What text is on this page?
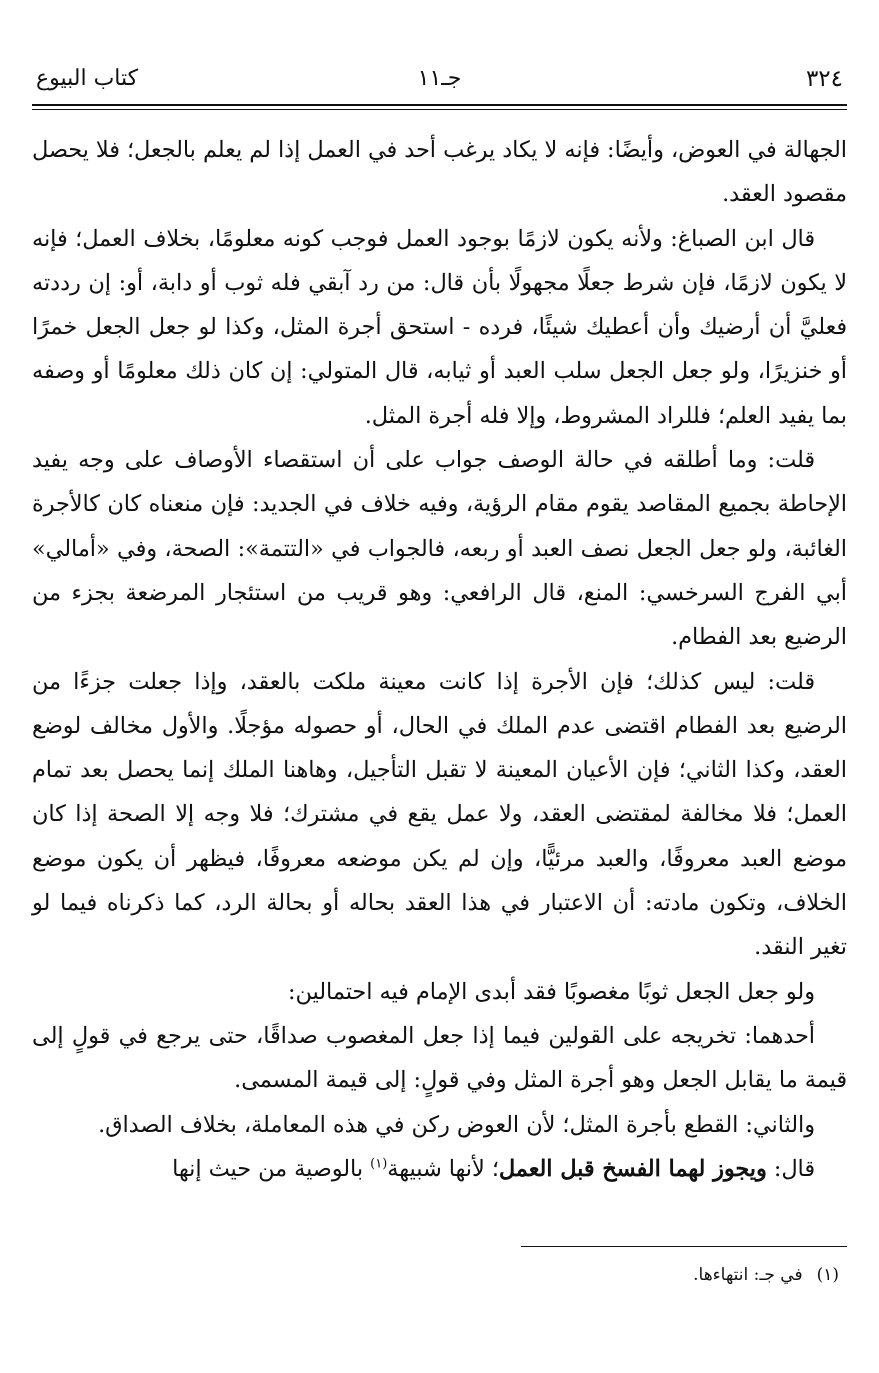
٣٢٤
جـ١١
كتاب البيوع

الجهالة في العوض، وأيضًا: فإنه لا يكاد يرغب أحد في العمل إذا لم يعلم بالجعل؛ فلا يحصل مقصود العقد.

قال ابن الصباغ: ولأنه يكون لازمًا بوجود العمل فوجب كونه معلومًا، بخلاف العمل؛ فإنه لا يكون لازمًا، فإن شرط جعلًا مجهولًا بأن قال: من رد آبقي فله ثوب أو دابة، أو: إن رددته فعليَّ أن أرضيك وأن أعطيك شيئًا، فرده - استحق أجرة المثل، وكذا لو جعل الجعل خمرًا أو خنزيرًا، ولو جعل الجعل سلب العبد أو ثيابه، قال المتولي: إن كان ذلك معلومًا أو وصفه بما يفيد العلم؛ فللراد المشروط، وإلا فله أجرة المثل.

قلت: وما أطلقه في حالة الوصف جواب على أن استقصاء الأوصاف على وجه يفيد الإحاطة بجميع المقاصد يقوم مقام الرؤية، وفيه خلاف في الجديد: فإن منعناه كان كالأجرة الغائبة، ولو جعل الجعل نصف العبد أو ربعه، فالجواب في «التتمة»: الصحة، وفي «أمالي» أبي الفرج السرخسي: المنع، قال الرافعي: وهو قريب من استئجار المرضعة بجزء من الرضيع بعد الفطام.

قلت: ليس كذلك؛ فإن الأجرة إذا كانت معينة ملكت بالعقد، وإذا جعلت جزءًا من الرضيع بعد الفطام اقتضى عدم الملك في الحال، أو حصوله مؤجلًا. والأول مخالف لوضع العقد، وكذا الثاني؛ فإن الأعيان المعينة لا تقبل التأجيل، وهاهنا الملك إنما يحصل بعد تمام العمل؛ فلا مخالفة لمقتضى العقد، ولا عمل يقع في مشترك؛ فلا وجه إلا الصحة إذا كان موضع العبد معروفًا، والعبد مرئيًّا، وإن لم يكن موضعه معروفًا، فيظهر أن يكون موضع الخلاف، وتكون مادته: أن الاعتبار في هذا العقد بحاله أو بحالة الرد، كما ذكرناه فيما لو تغير النقد.

ولو جعل الجعل ثوبًا مغصوبًا فقد أبدى الإمام فيه احتمالين:

أحدهما: تخريجه على القولين فيما إذا جعل المغصوب صداقًا، حتى يرجع في قولٍ إلى قيمة ما يقابل الجعل وهو أجرة المثل وفي قولٍ: إلى قيمة المسمى.

والثاني: القطع بأجرة المثل؛ لأن العوض ركن في هذه المعاملة، بخلاف الصداق.

قال: ويجوز لهما الفسخ قبل العمل؛ لأنها شبيهة$^{(١)}$ بالوصية من حيث إنها

(١)في جـ: انتهاءها.
